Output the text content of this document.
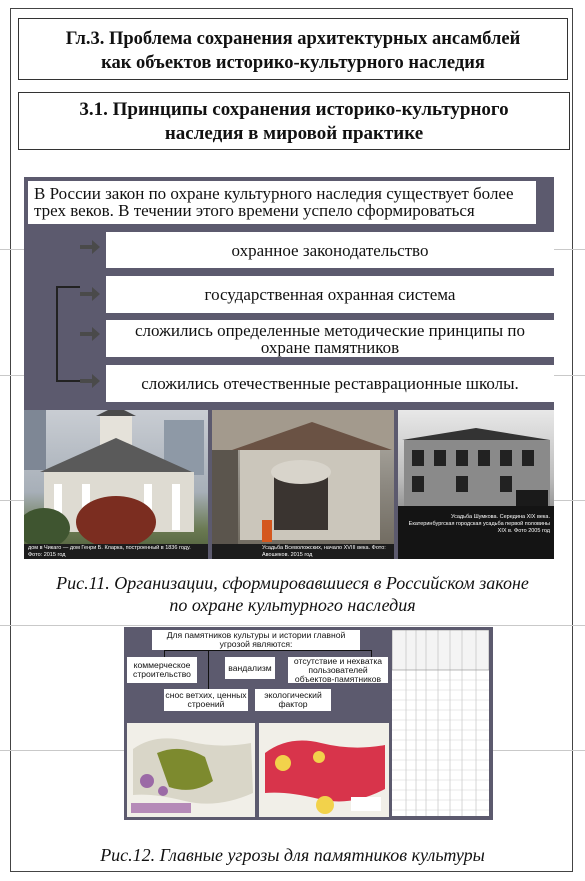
Гл.3. Проблема сохранения архитектурных ансамблей
как объектов историко-культурного наследия
3.1. Принципы сохранения историко-культурного
наследия в мировой практике
В России закон по охране культурного наследия существует более трех веков. В течении этого времени успело сформироваться
охранное законодательство
государственная охранная система
сложились определенные методические принципы по охране памятников
сложились отечественные реставрационные школы.
дом в Чикаго — дом Генри Б. Кларка, построенный в 1836 году. Фото: 2015 год
Усадьба Всеволожских, начало XVIII века. Фото: Авошеков. 2015 год
Усадьба Шумкова. Середина XIX века. Екатеринбургская городская усадьба первой половины XIX в. Фото 2005 год
Рис.11. Организации, сформировавшиеся в Российском законе
по охране культурного наследия
Для памятников культуры и истории главной угрозой являются:
коммерческое строительство
вандализм
отсутствие и нехватка пользователей объектов-памятников
снос ветхих, ценных строений
экологический фактор
Рис.12. Главные угрозы для памятников культуры
